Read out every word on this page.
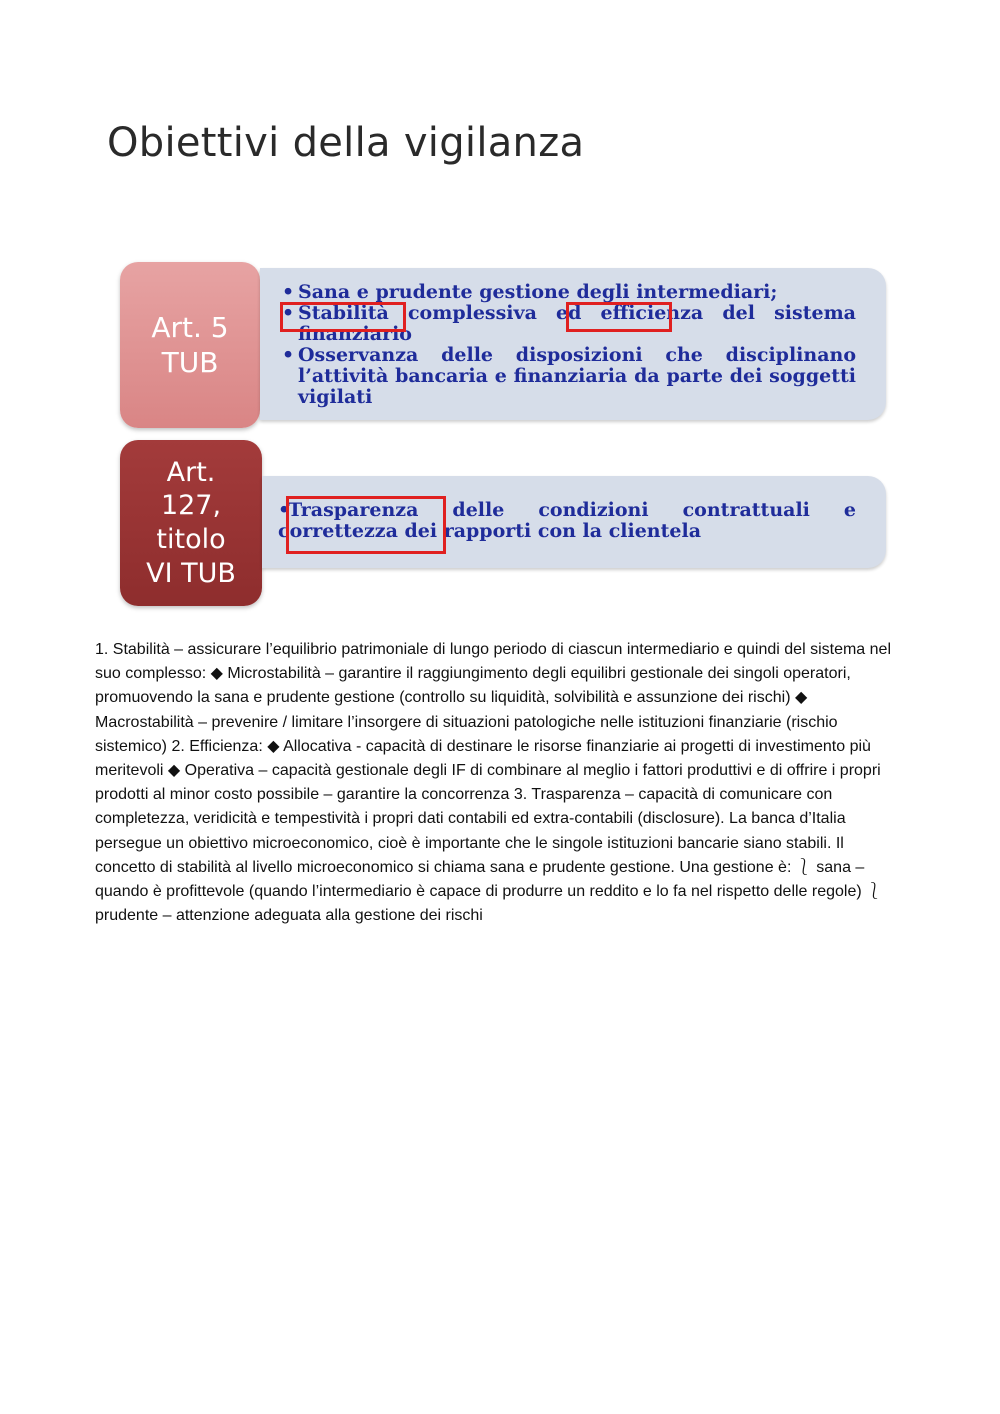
Obiettivi della vigilanza
Art. 5
TUB
• Sana e prudente gestione degli intermediari;
• Stabilità complessiva ed efficienza del sistema finanziario
• Osservanza delle disposizioni che disciplinano l’attività bancaria e finanziaria da parte dei soggetti vigilati
Art.
127,
titolo
VI TUB
• Trasparenza delle condizioni contrattuali e
correttezza dei rapporti con la clientela

1. Stabilità – assicurare l’equilibrio patrimoniale di lungo periodo di ciascun intermediario e quindi del sistema nel suo complesso: ◆ Microstabilità – garantire il raggiungimento degli equilibri gestionale dei singoli operatori, promuovendo la sana e prudente gestione (controllo su liquidità, solvibilità e assunzione dei rischi) ◆ Macrostabilità – prevenire / limitare l’insorgere di situazioni patologiche nelle istituzioni finanziarie (rischio sistemico) 2. Efficienza: ◆ Allocativa - capacità di destinare le risorse finanziarie ai progetti di investimento più meritevoli ◆ Operativa – capacità gestionale degli IF di combinare al meglio i fattori produttivi e di offrire i propri prodotti al minor costo possibile – garantire la concorrenza 3. Trasparenza – capacità di comunicare con completezza, veridicità e tempestività i propri dati contabili ed extra-contabili (disclosure). La banca d’Italia persegue un obiettivo microeconomico, cioè è importante che le singole istituzioni bancarie siano stabili. Il concetto di stabilità al livello microeconomico si chiama sana e prudente gestione. Una gestione è: ⎱ sana – quando è profittevole (quando l’intermediario è capace di produrre un reddito e lo fa nel rispetto delle regole) ⎱ prudente – attenzione adeguata alla gestione dei rischi
